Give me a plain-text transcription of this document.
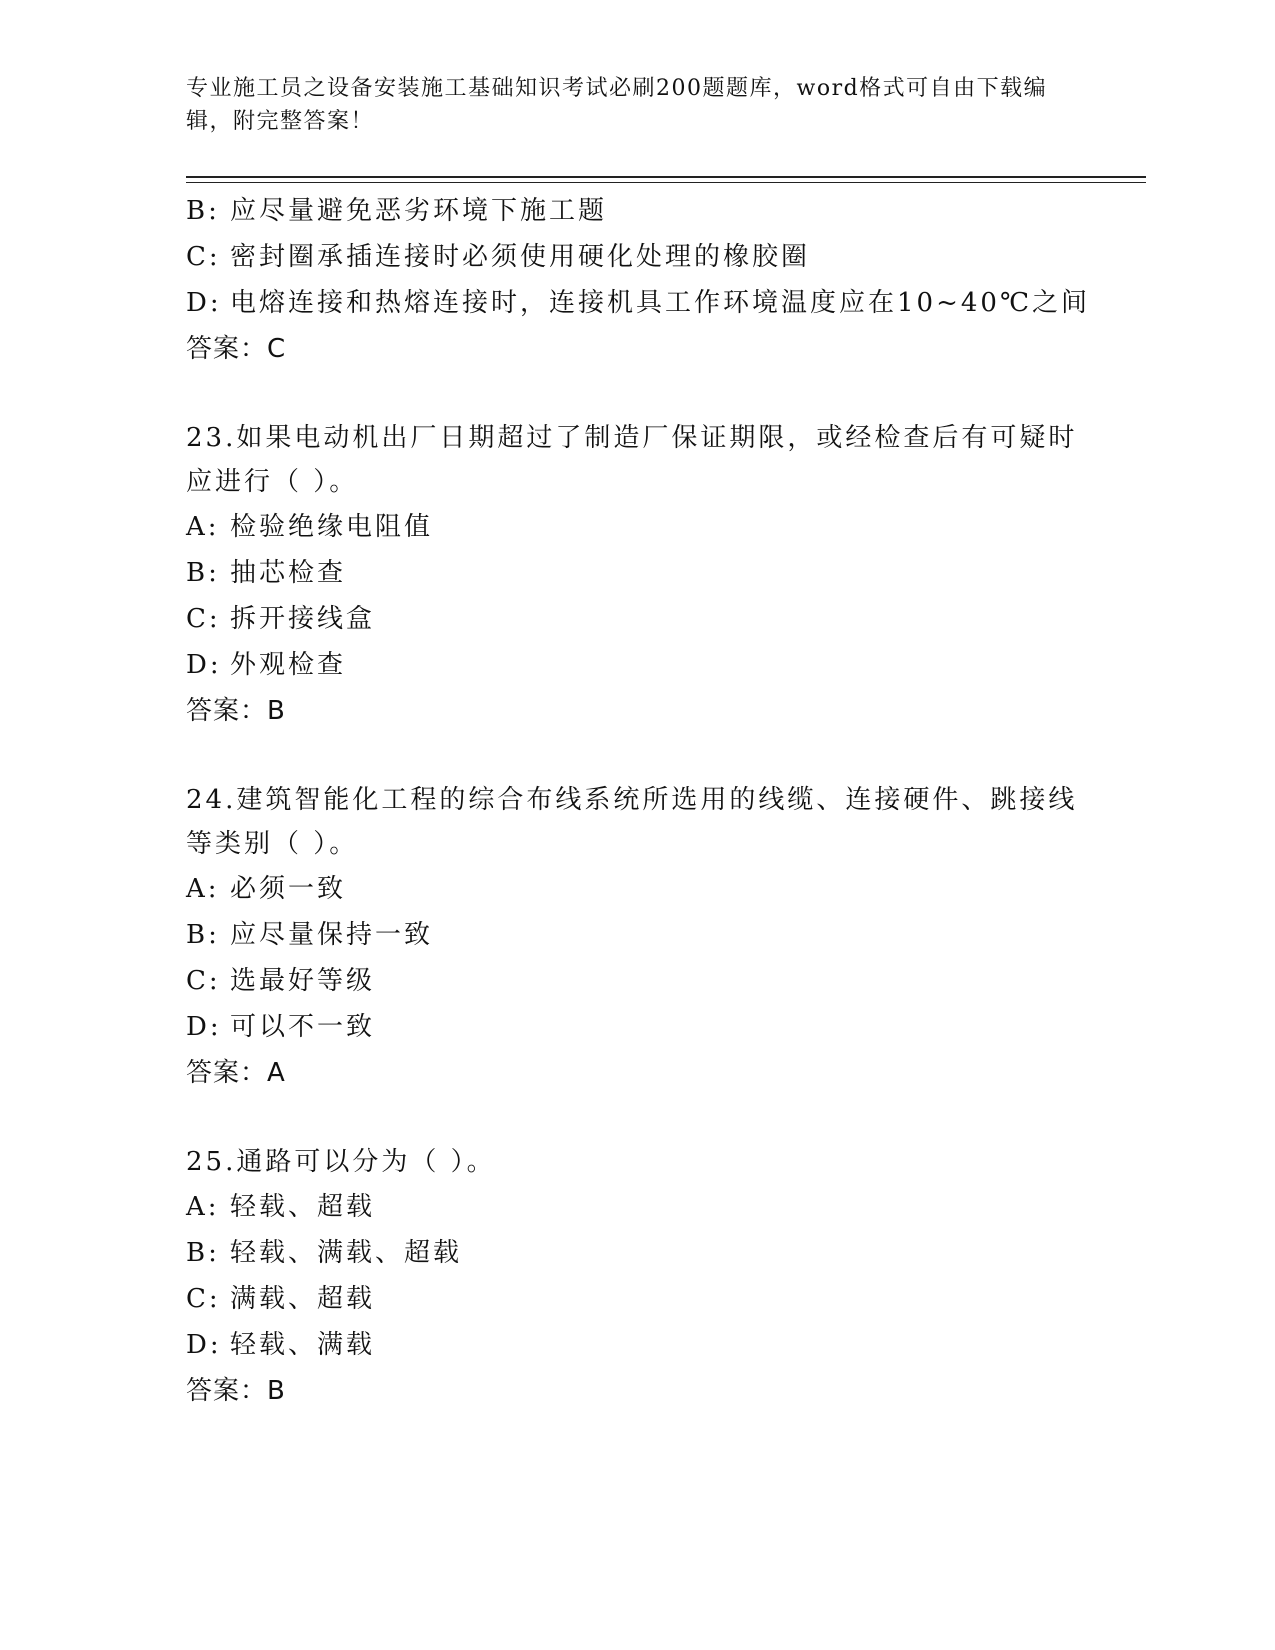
专业施工员之设备安装施工基础知识考试必刷200题题库，word格式可自由下载编辑，附完整答案！
B: 应尽量避免恶劣环境下施工题
C: 密封圈承插连接时必须使用硬化处理的橡胶圈
D: 电熔连接和热熔连接时，连接机具工作环境温度应在10~40℃之间
答案：C
23.如果电动机出厂日期超过了制造厂保证期限，或经检查后有可疑时应进行（ ）。
A: 检验绝缘电阻值
B: 抽芯检查
C: 拆开接线盒
D: 外观检查
答案：B
24.建筑智能化工程的综合布线系统所选用的线缆、连接硬件、跳接线等类别（ ）。
A: 必须一致
B: 应尽量保持一致
C: 选最好等级
D: 可以不一致
答案：A
25.通路可以分为（ ）。
A: 轻载、超载
B: 轻载、满载、超载
C: 满载、超载
D: 轻载、满载
答案：B
